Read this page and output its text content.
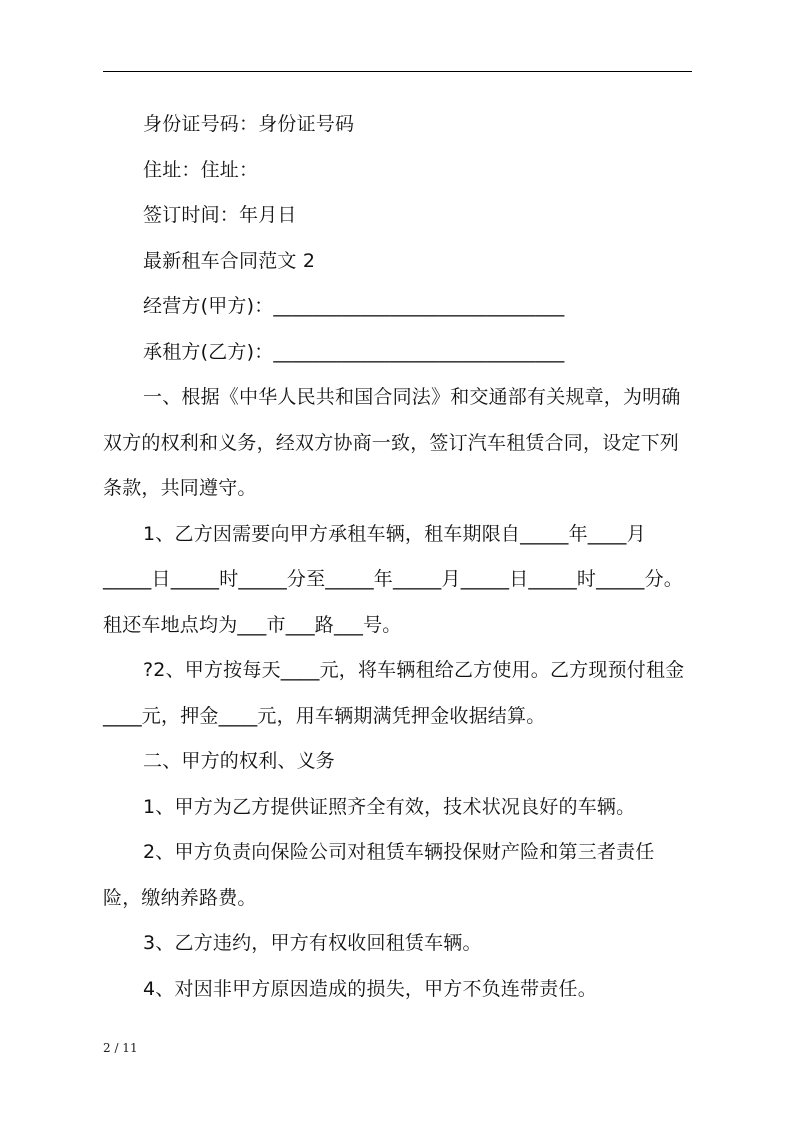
身份证号码：身份证号码

住址：住址：

签订时间：年月日

最新租车合同范文 2

经营方(甲方)：______________________________

承租方(乙方)：______________________________

一、根据《中华人民共和国合同法》和交通部有关规章，为明确双方的权利和义务，经双方协商一致，签订汽车租赁合同，设定下列条款，共同遵守。

1、乙方因需要向甲方承租车辆，租车期限自_____年____月_____日_____时_____分至_____年_____月_____日_____时_____分。租还车地点均为___市___路___号。

?2、甲方按每天____元，将车辆租给乙方使用。乙方现预付租金____元，押金____元，用车辆期满凭押金收据结算。

二、甲方的权利、义务

1、甲方为乙方提供证照齐全有效，技术状况良好的车辆。

2、甲方负责向保险公司对租赁车辆投保财产险和第三者责任险，缴纳养路费。

3、乙方违约，甲方有权收回租赁车辆。

4、对因非甲方原因造成的损失，甲方不负连带责任。

2 / 11
